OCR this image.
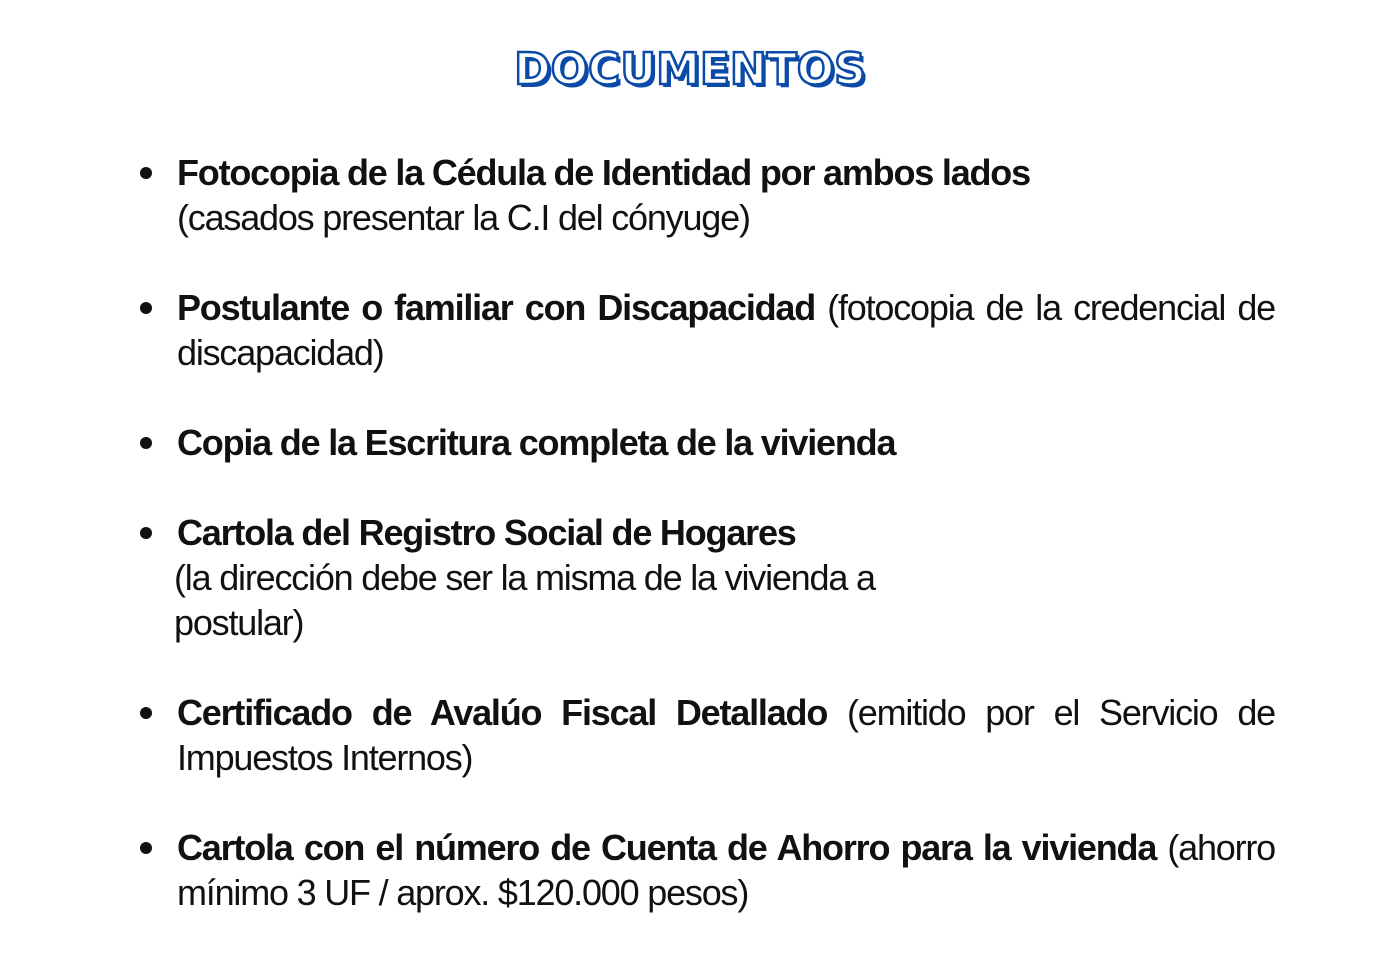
DOCUMENTOS
Fotocopia de la Cédula de Identidad por ambos lados
(casados presentar la C.I del cónyuge)
Postulante o familiar con Discapacidad (fotocopia de la credencial de discapacidad)
Copia de la Escritura completa de la vivienda
Cartola del Registro Social de Hogares
(la dirección debe ser la misma de la vivienda a
postular)
Certificado de Avalúo Fiscal Detallado (emitido por el Servicio de Impuestos Internos)
Cartola con el número de Cuenta de Ahorro para la vivienda (ahorro mínimo 3 UF / aprox. $120.000 pesos)
